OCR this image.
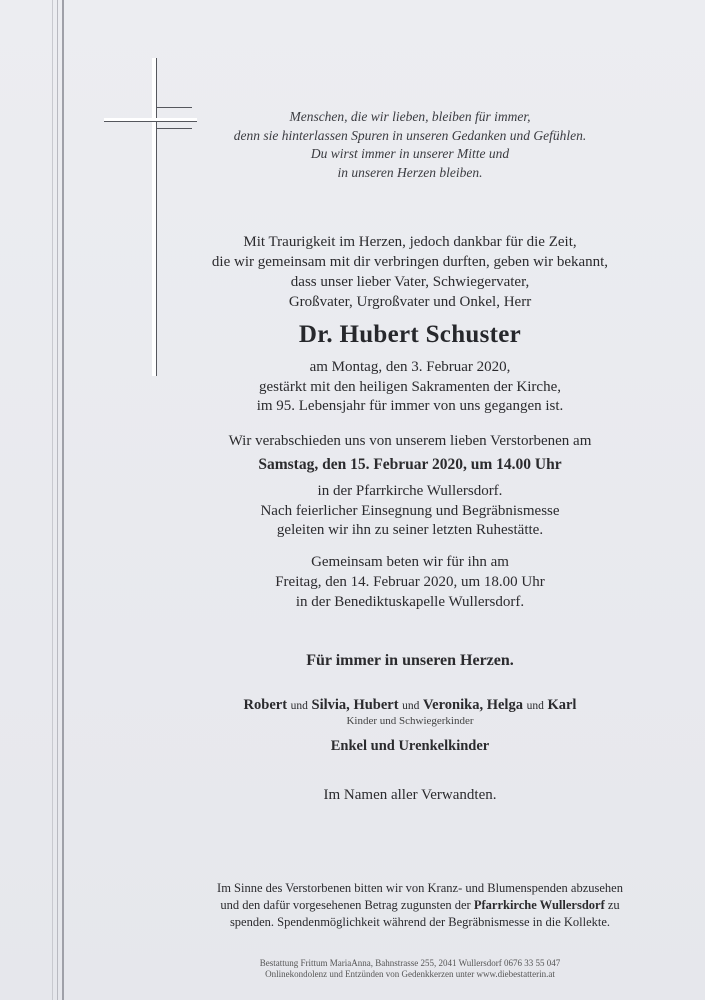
Menschen, die wir lieben, bleiben für immer,
denn sie hinterlassen Spuren in unseren Gedanken und Gefühlen.
Du wirst immer in unserer Mitte und
in unseren Herzen bleiben.
Mit Traurigkeit im Herzen, jedoch dankbar für die Zeit,
die wir gemeinsam mit dir verbringen durften, geben wir bekannt,
dass unser lieber Vater, Schwiegervater,
Großvater, Urgroßvater und Onkel, Herr
Dr. Hubert Schuster
am Montag, den 3. Februar 2020,
gestärkt mit den heiligen Sakramenten der Kirche,
im 95. Lebensjahr für immer von uns gegangen ist.
Wir verabschieden uns von unserem lieben Verstorbenen am
Samstag, den 15. Februar 2020, um 14.00 Uhr
in der Pfarrkirche Wullersdorf.
Nach feierlicher Einsegnung und Begräbnismesse
geleiten wir ihn zu seiner letzten Ruhestätte.
Gemeinsam beten wir für ihn am
Freitag, den 14. Februar 2020, um 18.00 Uhr
in der Benediktuskapelle Wullersdorf.
Für immer in unseren Herzen.
Robert und Silvia, Hubert und Veronika, Helga und Karl
Kinder und Schwiegerkinder
Enkel und Urenkelkinder
Im Namen aller Verwandten.
Im Sinne des Verstorbenen bitten wir von Kranz- und Blumenspenden abzusehen
und den dafür vorgesehenen Betrag zugunsten der Pfarrkirche Wullersdorf zu
spenden. Spendenmöglichkeit während der Begräbnismesse in die Kollekte.
Bestattung Frittum MariaAnna, Bahnstrasse 255, 2041 Wullersdorf 0676 33 55 047
Onlinekondolenz und Entzünden von Gedenkkerzen unter www.diebestatterin.at
